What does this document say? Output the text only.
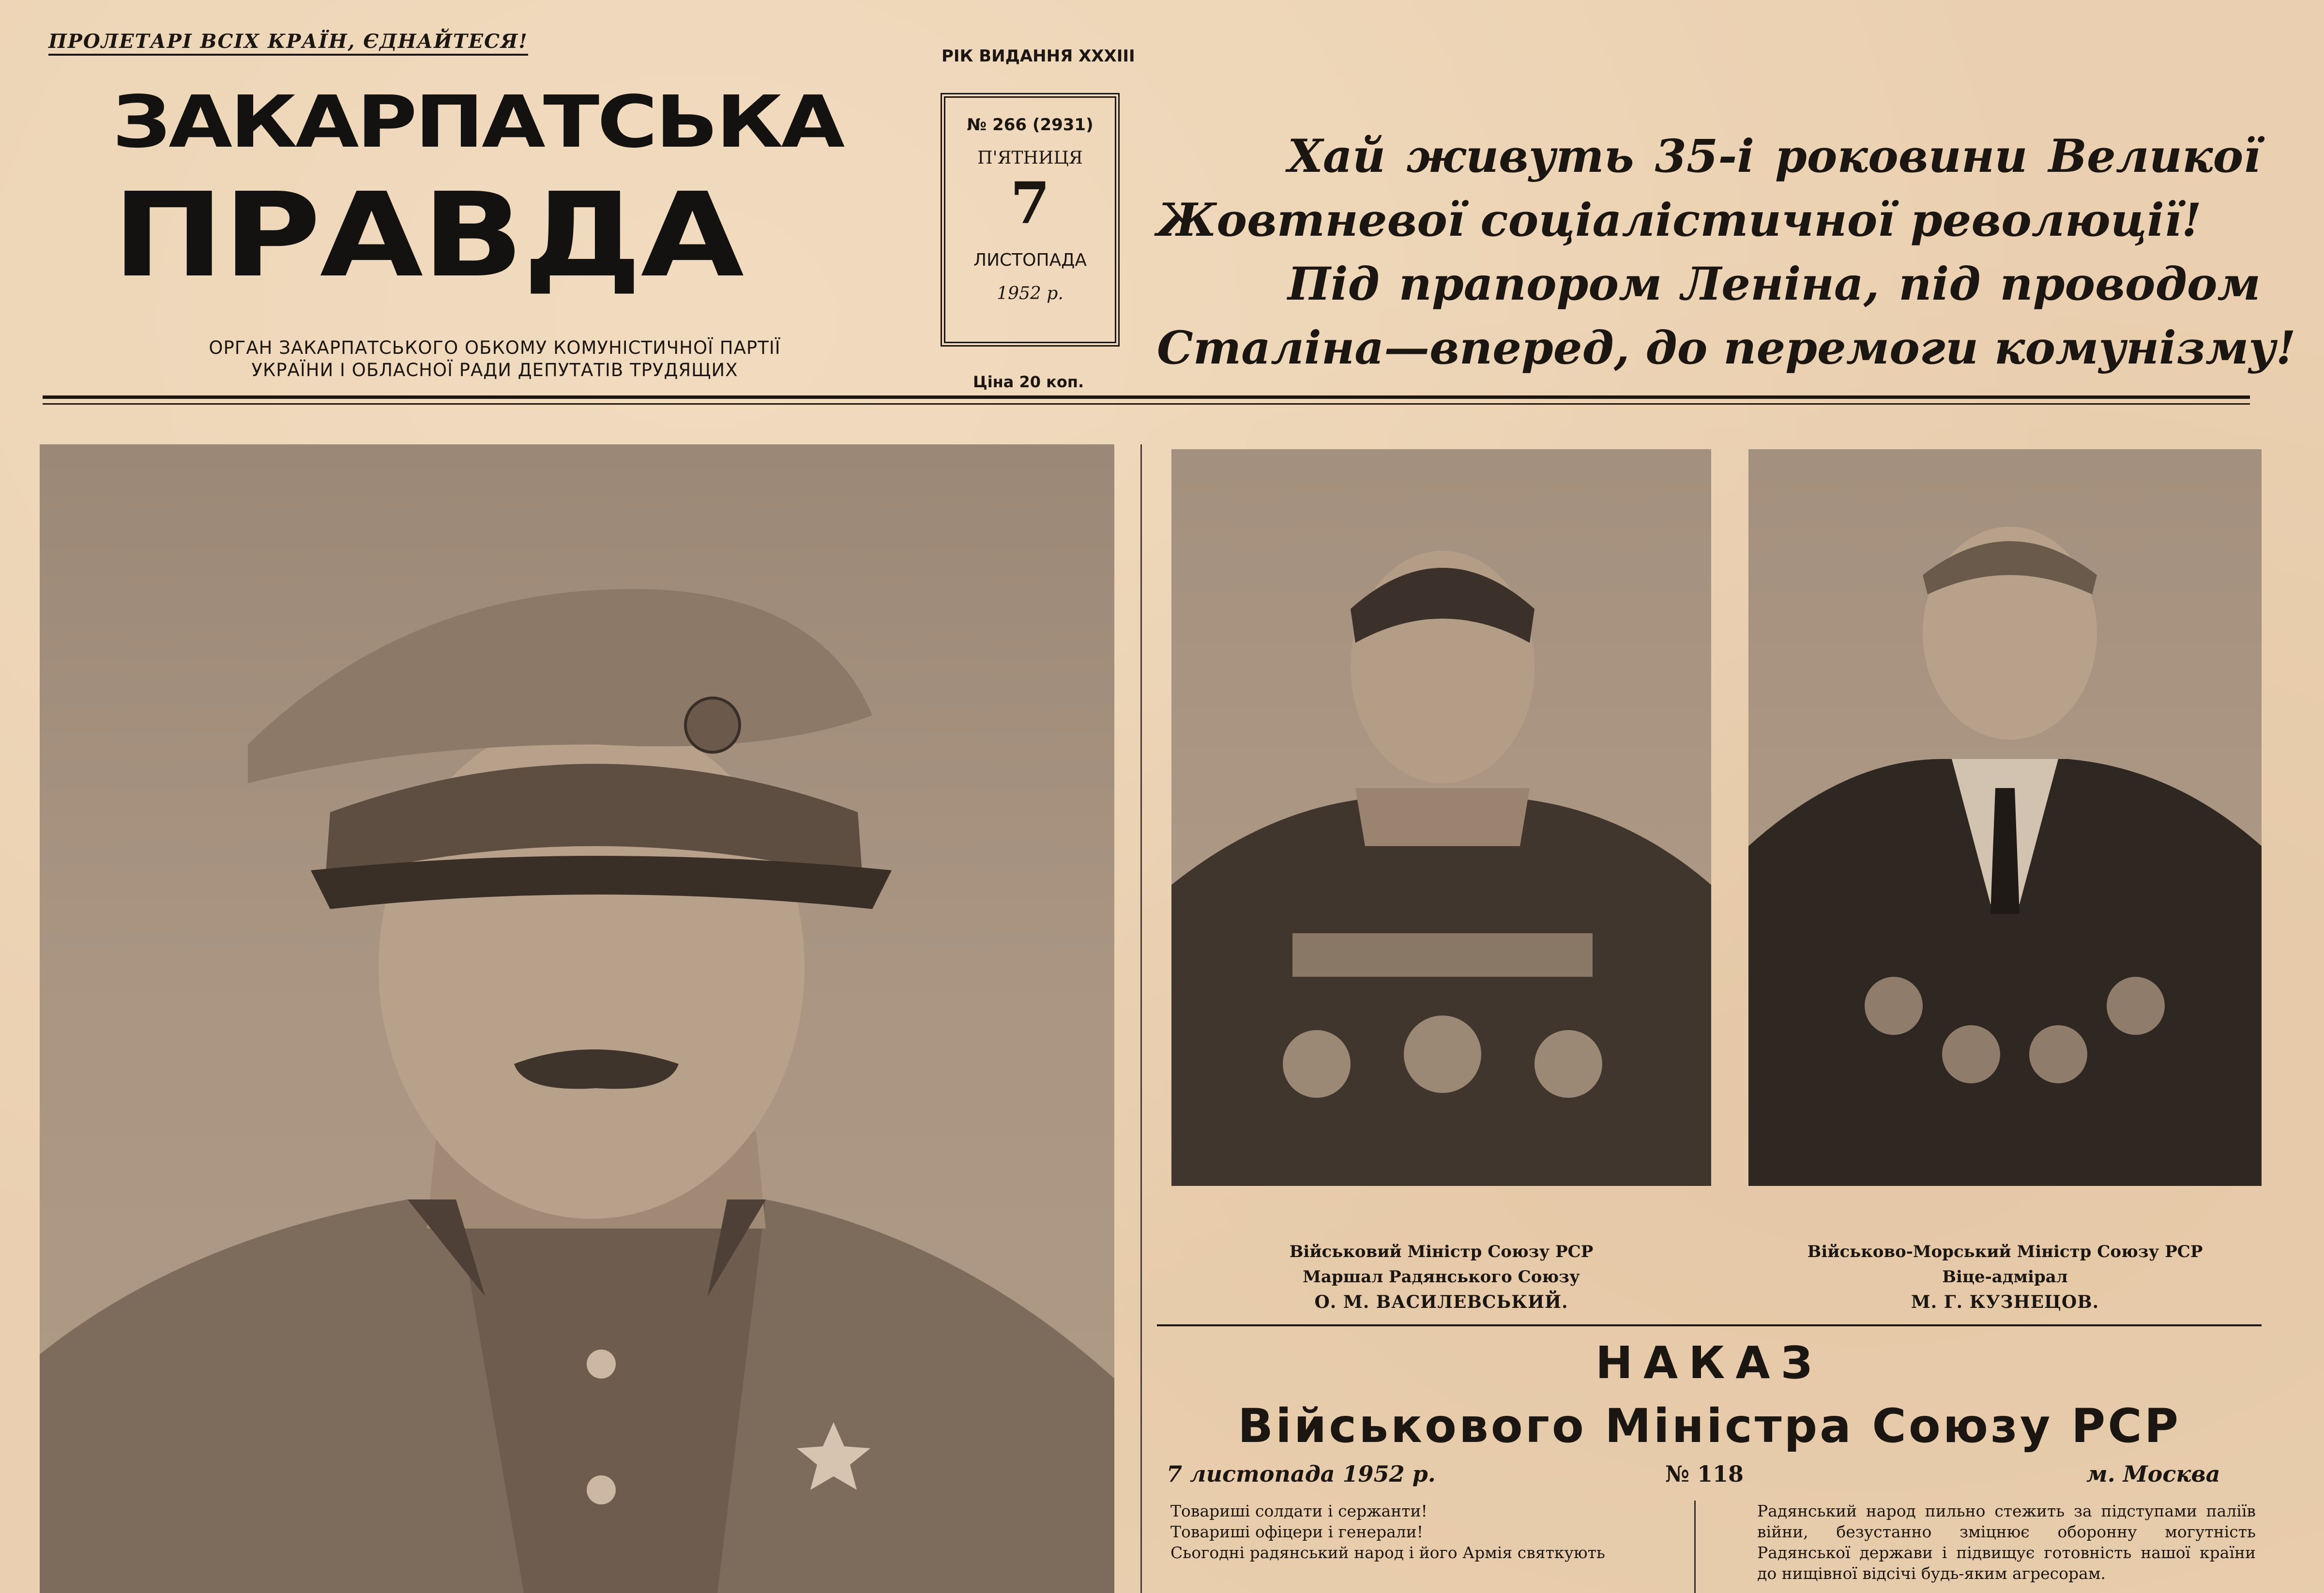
ПРОЛЕТАРІ ВСІХ КРАЇН, ЄДНАЙТЕСЯ!
ЗАКАРПАТСЬКА
ПРАВДА
ОРГАН ЗАКАРПАТСЬКОГО ОБКОМУ КОМУНІСТИЧНОЇ ПАРТІЇ
УКРАЇНИ І ОБЛАСНОЇ РАДИ ДЕПУТАТІВ ТРУДЯЩИХ
РІК ВИДАННЯ XXXIII
№ 266 (2931)
П'ЯТНИЦЯ
7
ЛИСТОПАДА
1952 р.
Ціна 20 коп.
Хай живуть 35-і роковини Великої
Жовтневої соціалістичної революції!
Під прапором Леніна, під проводом
Сталіна—вперед, до перемоги комунізму!
Військовий Міністр Союзу РСР
Маршал Радянського Союзу
О. М. ВАСИЛЕВСЬКИЙ.
Військово-Морський Міністр Союзу РСР
Віце-адмірал
М. Г. КУЗНЕЦОВ.
НАКАЗ
Військового Міністра Союзу РСР
7 листопада 1952 р.	№ 118	м. Москва
Товариші солдати і сержанти!
Товариші офіцери і генерали!
Сьогодні радянський народ і його Армія святкують
Радянський народ пильно стежить за підступами паліїв війни, безустанно зміцнює оборонну могутність Радянської держави і підвищує готовність нашої країни до нищівної відсічі будь-яким агресорам.
